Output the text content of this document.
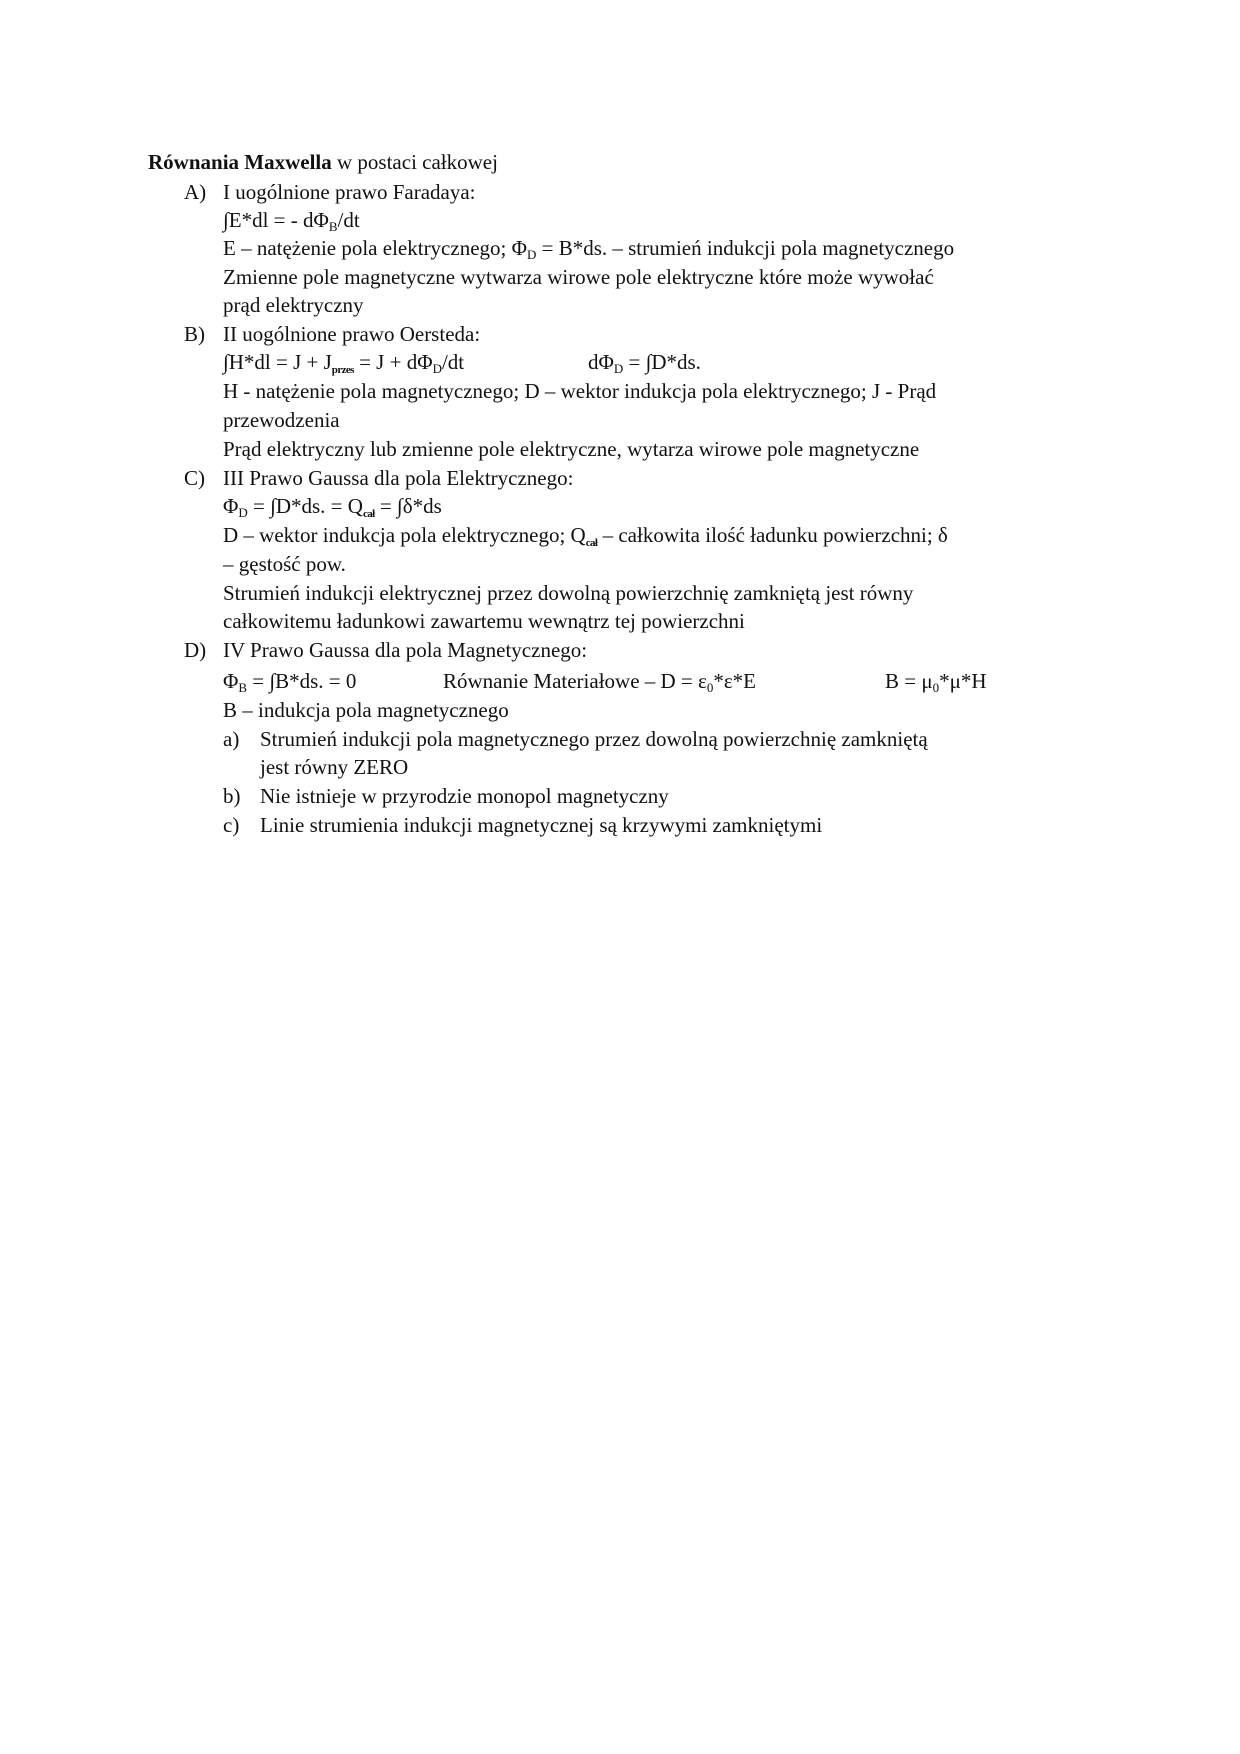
Równania Maxwella w postaci całkowej
A) I uogólnione prawo Faradaya:
∫E*dl = - $d\Phi_B/dt$
E – natężenie pola elektrycznego; $\Phi_D = B*ds$. – strumień indukcji pola magnetycznego
Zmienne pole magnetyczne wytwarza wirowe pole elektryczne które może wywołać
prąd elektryczny
B) II uogólnione prawo Oersteda:
$\int H*dl = J + J_{przes} = J + d\Phi_D/dt$	$d\Phi_D = \int D*ds$.
H - natężenie pola magnetycznego; D – wektor indukcja pola elektrycznego; J - Prąd
przewodzenia
Prąd elektryczny lub zmienne pole elektryczne, wytarza wirowe pole magnetyczne
C) III Prawo Gaussa dla pola Elektrycznego:
$\Phi_D = \int D*ds$. = $Q_{cał} = \int\delta*ds$
D – wektor indukcja pola elektrycznego; $Q_{cał}$ – całkowita ilość ładunku powierzchni; δ
– gęstość pow.
Strumień indukcji elektrycznej przez dowolną powierzchnię zamkniętą jest równy
całkowitemu ładunkowi zawartemu wewnątrz tej powierzchni
D) IV Prawo Gaussa dla pola Magnetycznego:
$\Phi_B = \int B*ds$. = 0	Równanie Materiałowe – $D = \varepsilon_0*\varepsilon*E$	$B = \mu_0*\mu*H$
B – indukcja pola magnetycznego
a) Strumień indukcji pola magnetycznego przez dowolną powierzchnię zamkniętą
jest równy ZERO
b) Nie istnieje w przyrodzie monopol magnetyczny
c) Linie strumienia indukcji magnetycznej są krzywymi zamkniętymi
